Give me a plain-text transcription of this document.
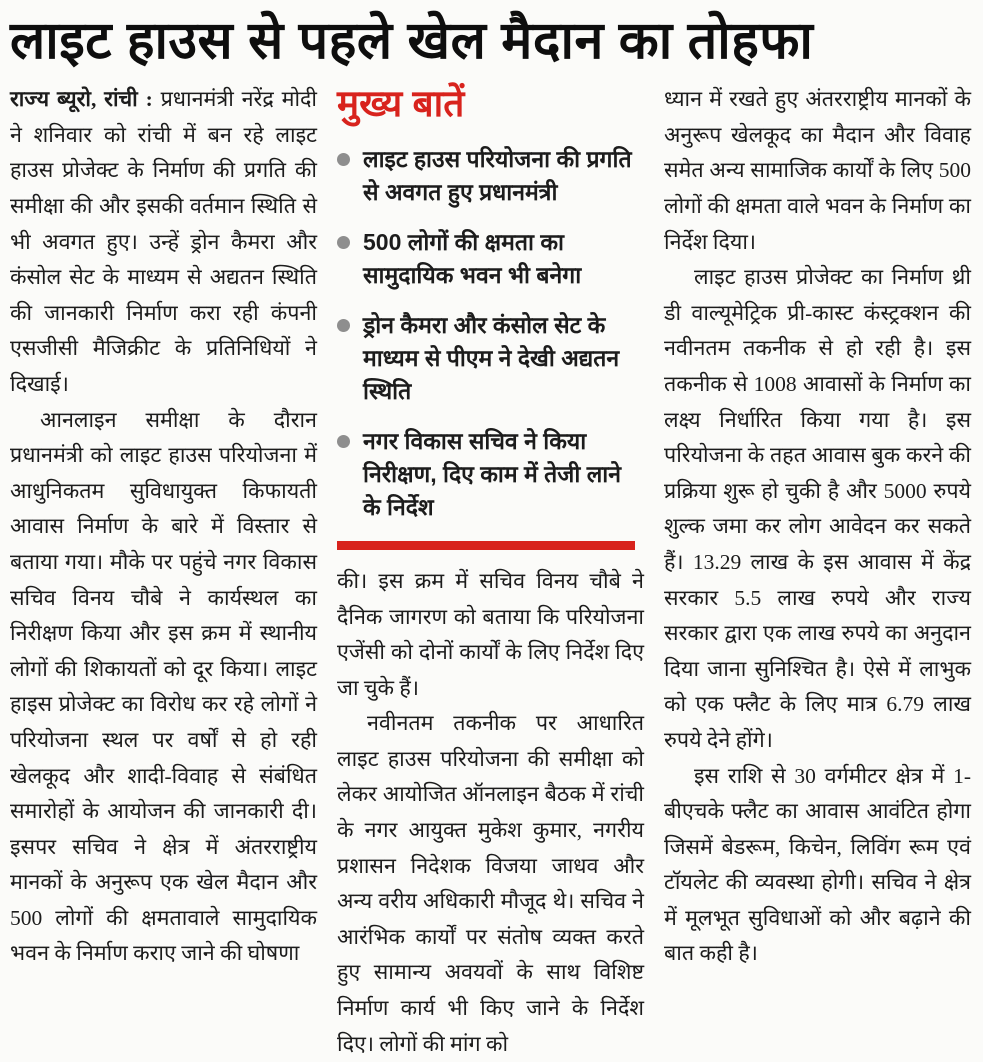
लाइट हाउस से पहले खेल मैदान का तोहफा

राज्य ब्यूरो, रांची : प्रधानमंत्री नरेंद्र मोदी ने शनिवार को रांची में बन रहे लाइट हाउस प्रोजेक्ट के निर्माण की प्रगति की समीक्षा की और इसकी वर्तमान स्थिति से भी अवगत हुए। उन्हें ड्रोन कैमरा और कंसोल सेट के माध्यम से अद्यतन स्थिति की जानकारी निर्माण करा रही कंपनी एसजीसी मैजिक्रीट के प्रतिनिधियों ने दिखाई।

आनलाइन समीक्षा के दौरान प्रधानमंत्री को लाइट हाउस परियोजना में आधुनिकतम सुविधायुक्त किफायती आवास निर्माण के बारे में विस्तार से बताया गया। मौके पर पहुंचे नगर विकास सचिव विनय चौबे ने कार्यस्थल का निरीक्षण किया और इस क्रम में स्थानीय लोगों की शिकायतों को दूर किया। लाइट हाइस प्रोजेक्ट का विरोध कर रहे लोगों ने परियोजना स्थल पर वर्षों से हो रही खेलकूद और शादी-विवाह से संबंधित समारोहों के आयोजन की जानकारी दी। इसपर सचिव ने क्षेत्र में अंतरराष्ट्रीय मानकों के अनुरूप एक खेल मैदान और 500 लोगों की क्षमतावाले सामुदायिक भवन के निर्माण कराए जाने की घोषणा

मुख्य बातें
लाइट हाउस परियोजना की प्रगति से अवगत हुए प्रधानमंत्री
500 लोगों की क्षमता का सामुदायिक भवन भी बनेगा
ड्रोन कैमरा और कंसोल सेट के माध्यम से पीएम ने देखी अद्यतन स्थिति
नगर विकास सचिव ने किया निरीक्षण, दिए काम में तेजी लाने के निर्देश

की। इस क्रम में सचिव विनय चौबे ने दैनिक जागरण को बताया कि परियोजना एजेंसी को दोनों कार्यों के लिए निर्देश दिए जा चुके हैं।

नवीनतम तकनीक पर आधारित लाइट हाउस परियोजना की समीक्षा को लेकर आयोजित ऑनलाइन बैठक में रांची के नगर आयुक्त मुकेश कुमार, नगरीय प्रशासन निदेशक विजया जाधव और अन्य वरीय अधिकारी मौजूद थे। सचिव ने आरंभिक कार्यों पर संतोष व्यक्त करते हुए सामान्य अवयवों के साथ विशिष्ट निर्माण कार्य भी किए जाने के निर्देश दिए। लोगों की मांग को

ध्यान में रखते हुए अंतरराष्ट्रीय मानकों के अनुरूप खेलकूद का मैदान और विवाह समेत अन्य सामाजिक कार्यों के लिए 500 लोगों की क्षमता वाले भवन के निर्माण का निर्देश दिया।

लाइट हाउस प्रोजेक्ट का निर्माण थ्री डी वाल्यूमेट्रिक प्री-कास्ट कंस्ट्रक्शन की नवीनतम तकनीक से हो रही है। इस तकनीक से 1008 आवासों के निर्माण का लक्ष्य निर्धारित किया गया है। इस परियोजना के तहत आवास बुक करने की प्रक्रिया शुरू हो चुकी है और 5000 रुपये शुल्क जमा कर लोग आवेदन कर सकते हैं। 13.29 लाख के इस आवास में केंद्र सरकार 5.5 लाख रुपये और राज्य सरकार द्वारा एक लाख रुपये का अनुदान दिया जाना सुनिश्चित है। ऐसे में लाभुक को एक फ्लैट के लिए मात्र 6.79 लाख रुपये देने होंगे।

इस राशि से 30 वर्गमीटर क्षेत्र में 1-बीएचके फ्लैट का आवास आवंटित होगा जिसमें बेडरूम, किचेन, लिविंग रूम एवं टॉयलेट की व्यवस्था होगी। सचिव ने क्षेत्र में मूलभूत सुविधाओं को और बढ़ाने की बात कही है।
